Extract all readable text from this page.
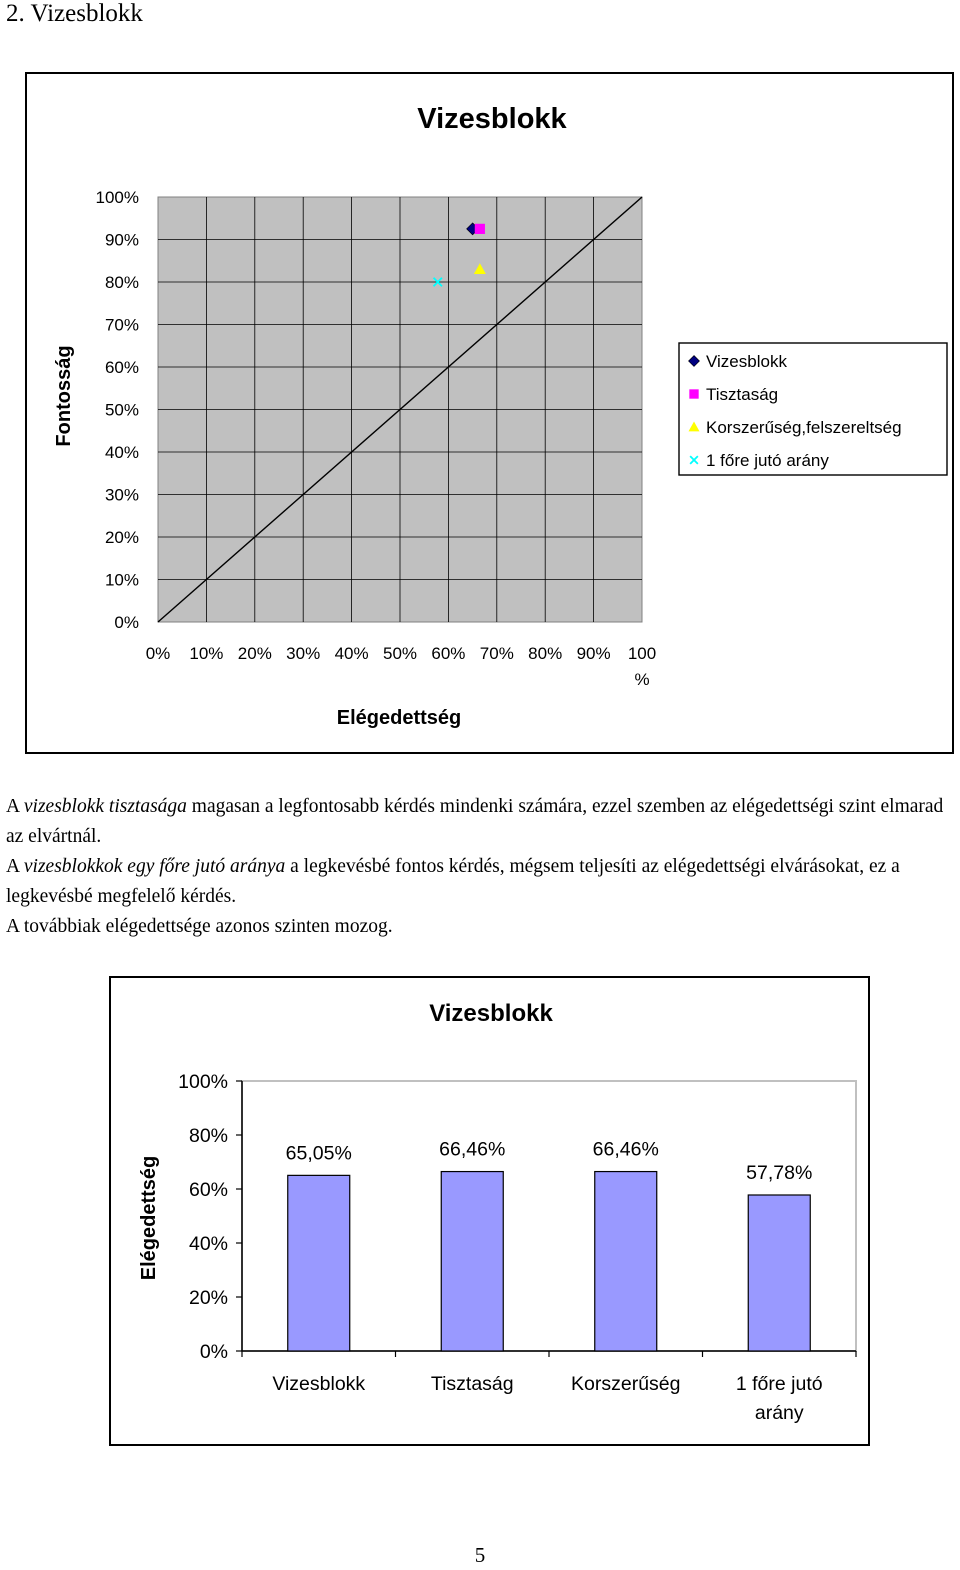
2. Vizesblokk
Vizesblokk
0%
10%
20%
30%
40%
50%
60%
70%
80%
90%
100%
0% 10% 20% 30% 40% 50% 60% 70% 80% 90% 100 %
Elégedettség
Fontosság	Vizesblokk
Tisztaság
Korszerűség,felszereltség
1 főre jutó arány

A vizesblokk tisztasága magasan a legfontosabb kérdés mindenki számára, ezzel szemben az elégedettségi szint elmarad az elvártnál.

A vizesblokkok egy főre jutó aránya a legkevésbé fontos kérdés, mégsem teljesíti az elégedettségi elvárásokat, ez a legkevésbé megfelelő kérdés.

A továbbiak elégedettsége azonos szinten mozog.

Vizesblokk
0%
20%
40%
60%
80%
100%
65,05%
Vizesblokk
66,46%
Tisztaság
66,46%
Korszerűség
57,78%
1 főre jutó arány
Elégedettség
5
